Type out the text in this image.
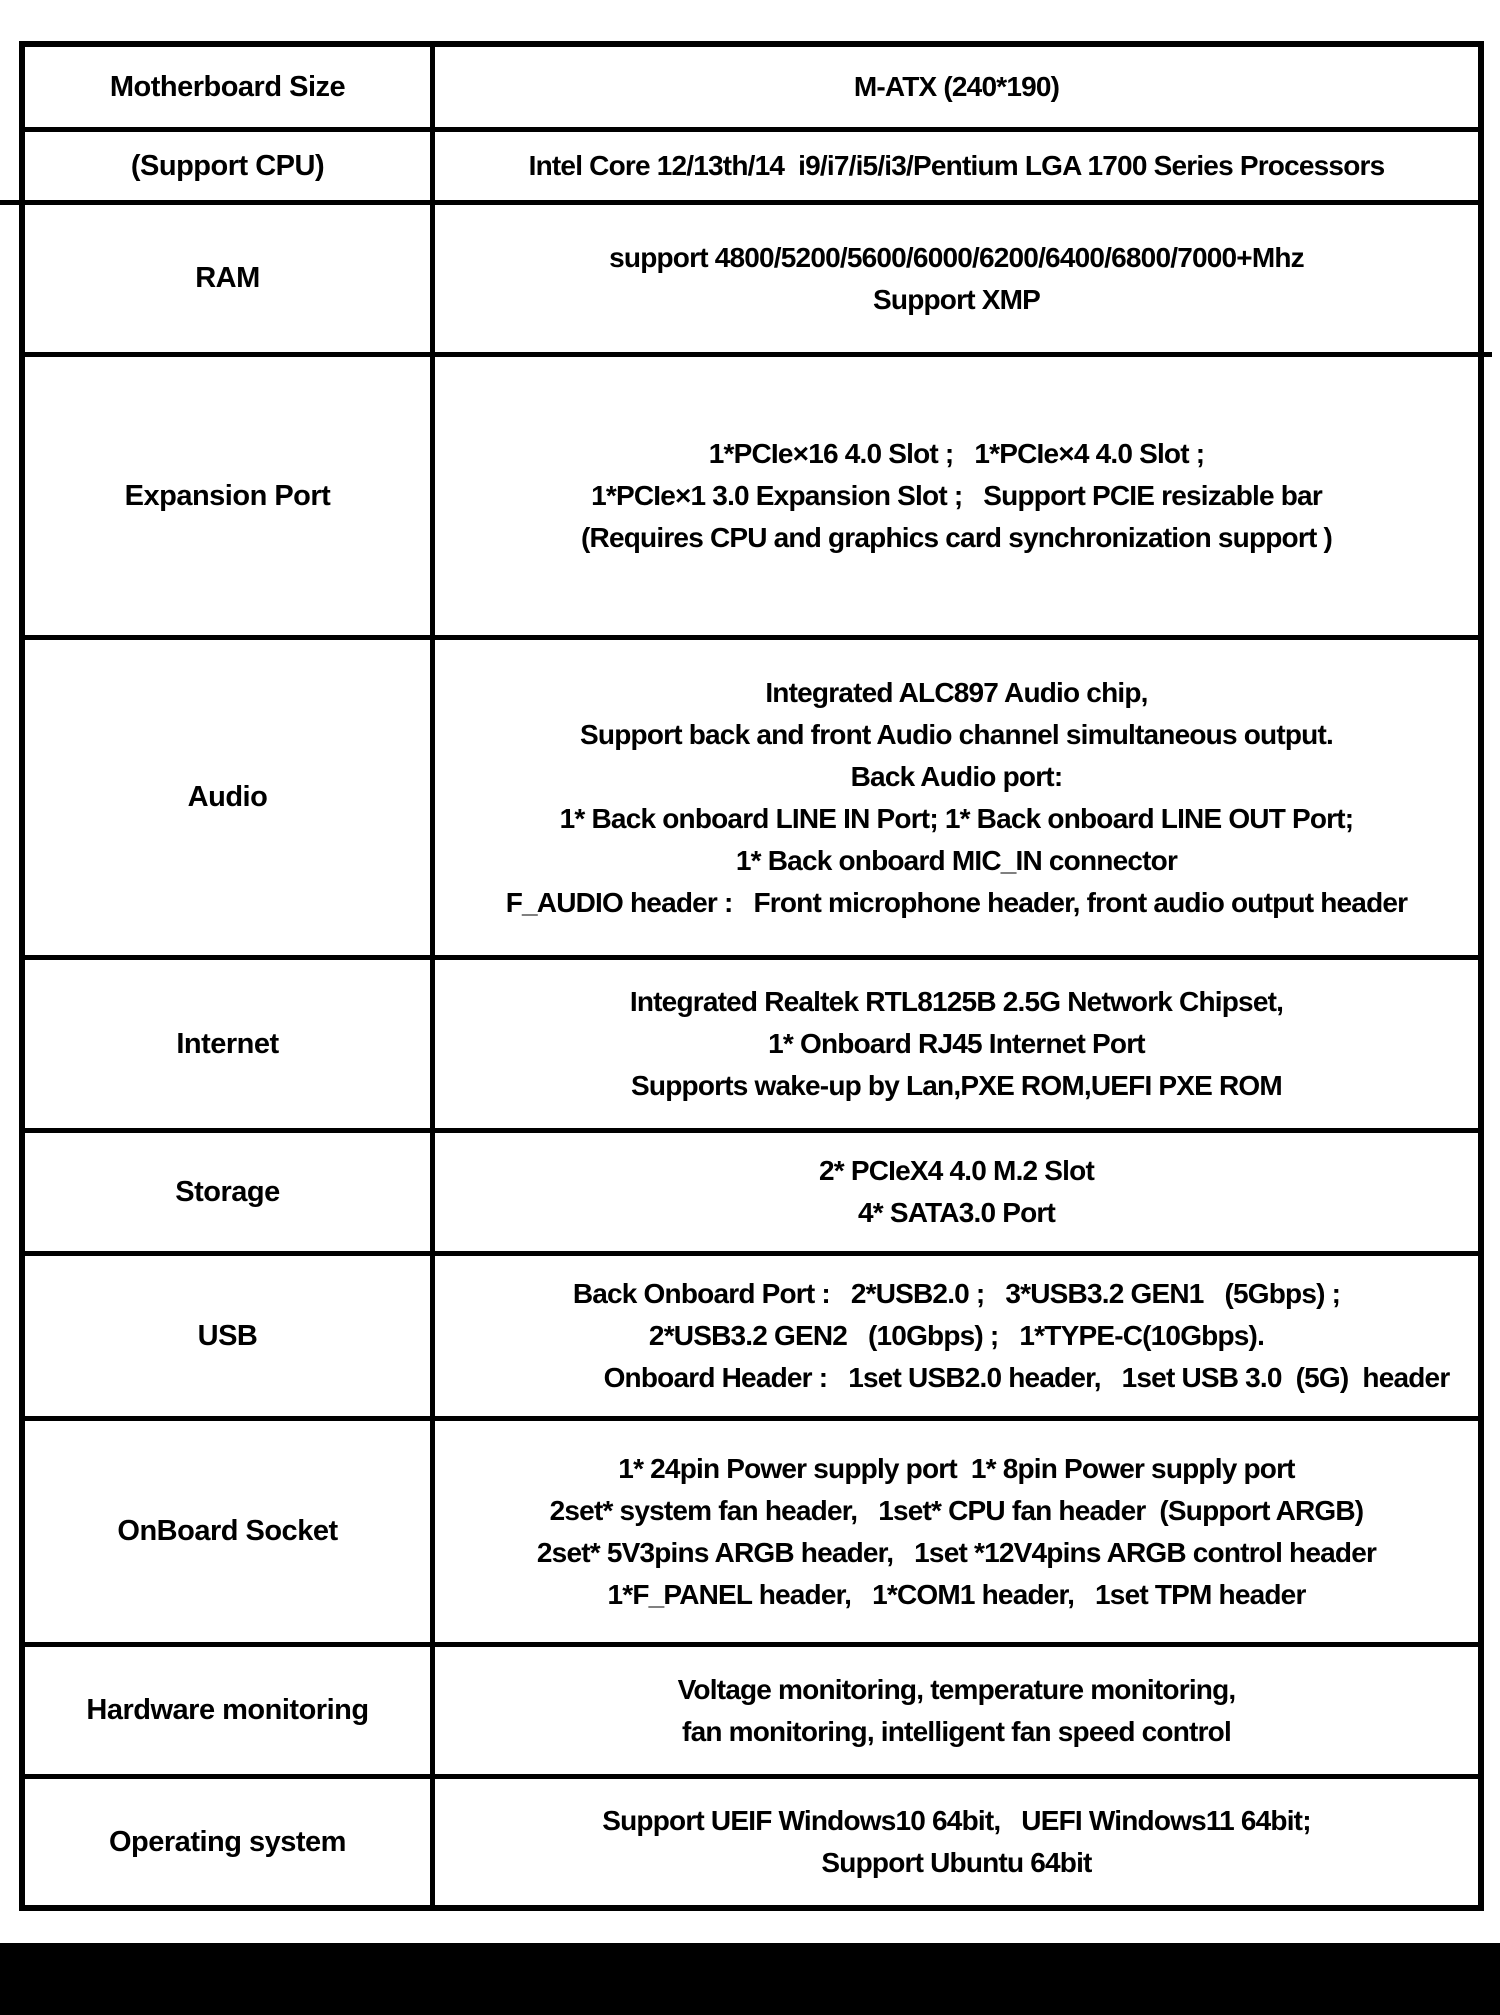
Motherboard Size	M-ATX (240*190)
(Support CPU)	Intel Core 12/13th/14  i9/i7/i5/i3/Pentium LGA 1700 Series Processors
RAM
support 4800/5200/5600/6000/6200/6400/6800/7000+Mhz
Support XMP
Expansion Port
1*PCIe×16 4.0 Slot ;   1*PCIe×4 4.0 Slot ;
1*PCIe×1 3.0 Expansion Slot ;   Support PCIE resizable bar
(Requires CPU and graphics card synchronization support )
Audio
Integrated ALC897 Audio chip,
Support back and front Audio channel simultaneous output.
Back Audio port:
1* Back onboard LINE IN Port; 1* Back onboard LINE OUT Port;
1* Back onboard MIC_IN connector
F_AUDIO header :   Front microphone header, front audio output header
Internet
Integrated Realtek RTL8125B 2.5G Network Chipset,
1* Onboard RJ45 Internet Port
Supports wake-up by Lan,PXE ROM,UEFI PXE ROM
Storage
2* PCIeX4 4.0 M.2 Slot
4* SATA3.0 Port
USB
Back Onboard Port :   2*USB2.0 ;   3*USB3.2 GEN1   (5Gbps) ;
2*USB3.2 GEN2   (10Gbps) ;   1*TYPE-C(10Gbps).
Onboard Header :   1set USB2.0 header,   1set USB 3.0  (5G)  header
OnBoard Socket
1* 24pin Power supply port  1* 8pin Power supply port
2set* system fan header,   1set* CPU fan header  (Support ARGB)
2set* 5V3pins ARGB header,   1set *12V4pins ARGB control header
1*F_PANEL header,   1*COM1 header,   1set TPM header
Hardware monitoring
Voltage monitoring, temperature monitoring,
fan monitoring, intelligent fan speed control
Operating system
Support UEIF Windows10 64bit,   UEFI Windows11 64bit;
Support Ubuntu 64bit
